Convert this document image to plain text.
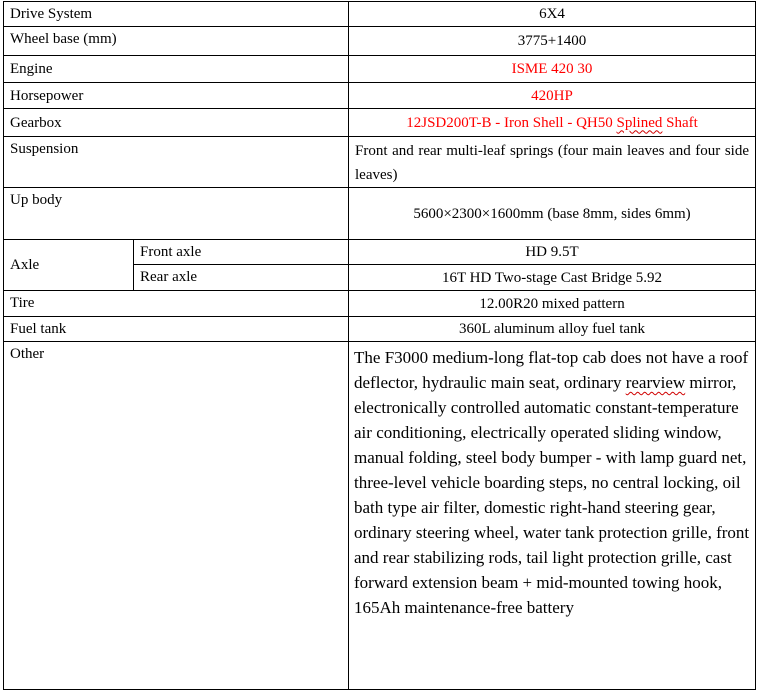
Drive System		6X4
Wheel base (mm)		3775+1400
Engine		ISME 420 30
Horsepower		420HP
Gearbox		12JSD200T-B - Iron Shell - QH50 Splined Shaft
Suspension		Front and rear multi-leaf springs (four main leaves and four side leaves)
Up body		5600×2300×1600mm (base 8mm, sides 6mm)
Axle	Front axle	HD 9.5T
	Rear axle	16T HD Two-stage Cast Bridge 5.92
Tire		12.00R20 mixed pattern
Fuel tank		360L aluminum alloy fuel tank
Other		The F3000 medium-long flat-top cab does not have a roof deflector, hydraulic main seat, ordinary rearview mirror, electronically controlled automatic constant-temperature air conditioning, electrically operated sliding window, manual folding, steel body bumper - with lamp guard net, three-level vehicle boarding steps, no central locking, oil bath type air filter, domestic right-hand steering gear, ordinary steering wheel, water tank protection grille, front and rear stabilizing rods, tail light protection grille, cast forward extension beam + mid-mounted towing hook, 165Ah maintenance-free battery
